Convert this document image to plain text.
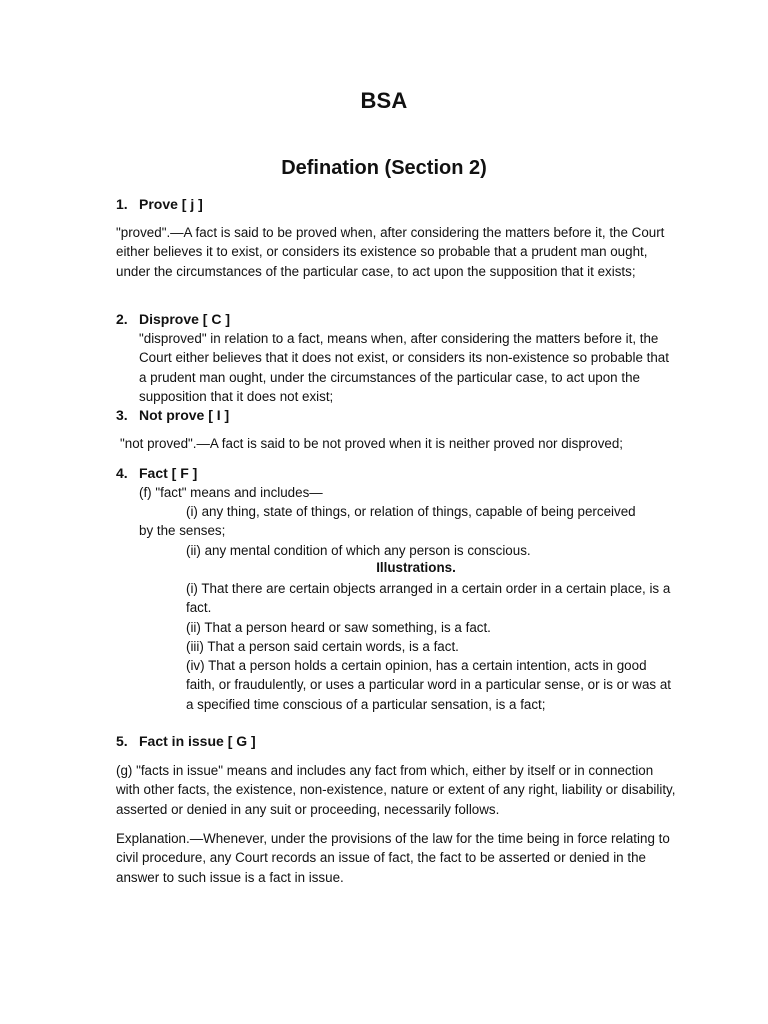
BSA
Defination (Section 2)
1. Prove [ j ]
"proved".—A fact is said to be proved when, after considering the matters before it, the Court either believes it to exist, or considers its existence so probable that a prudent man ought, under the circumstances of the particular case, to act upon the supposition that it exists;
2. Disprove [ C ]
"disproved" in relation to a fact, means when, after considering the matters before it, the Court either believes that it does not exist, or considers its non-existence so probable that a prudent man ought, under the circumstances of the particular case, to act upon the supposition that it does not exist;
3. Not prove [ I ]
"not proved".—A fact is said to be not proved when it is neither proved nor disproved;
4. Fact [ F ]
(f) "fact" means and includes—
(i) any thing, state of things, or relation of things, capable of being perceived
by the senses;
(ii) any mental condition of which any person is conscious.
Illustrations.
(i) That there are certain objects arranged in a certain order in a certain place, is a fact.
(ii) That a person heard or saw something, is a fact.
(iii) That a person said certain words, is a fact.
(iv) That a person holds a certain opinion, has a certain intention, acts in good faith, or fraudulently, or uses a particular word in a particular sense, or is or was at a specified time conscious of a particular sensation, is a fact;
5. Fact in issue [ G ]
(g) "facts in issue" means and includes any fact from which, either by itself or in connection with other facts, the existence, non-existence, nature or extent of any right, liability or disability, asserted or denied in any suit or proceeding, necessarily follows.
Explanation.—Whenever, under the provisions of the law for the time being in force relating to civil procedure, any Court records an issue of fact, the fact to be asserted or denied in the answer to such issue is a fact in issue.
